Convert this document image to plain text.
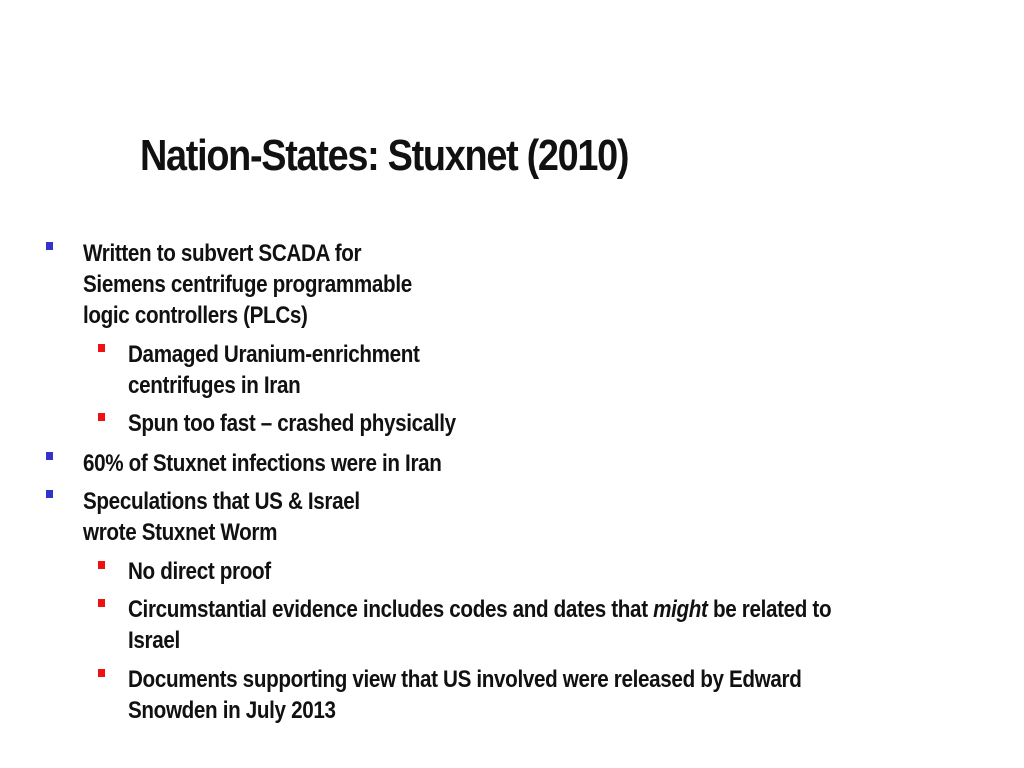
Nation-States: Stuxnet (2010)
Written to subvert SCADA for
Siemens centrifuge programmable
logic controllers (PLCs)
Damaged Uranium-enrichment
centrifuges in Iran
Spun too fast – crashed physically
60% of Stuxnet infections were in Iran
Speculations that US & Israel
wrote Stuxnet Worm
No direct proof
Circumstantial evidence includes codes and dates that might be related to
Israel
Documents supporting view that US involved were released by Edward
Snowden in July 2013
